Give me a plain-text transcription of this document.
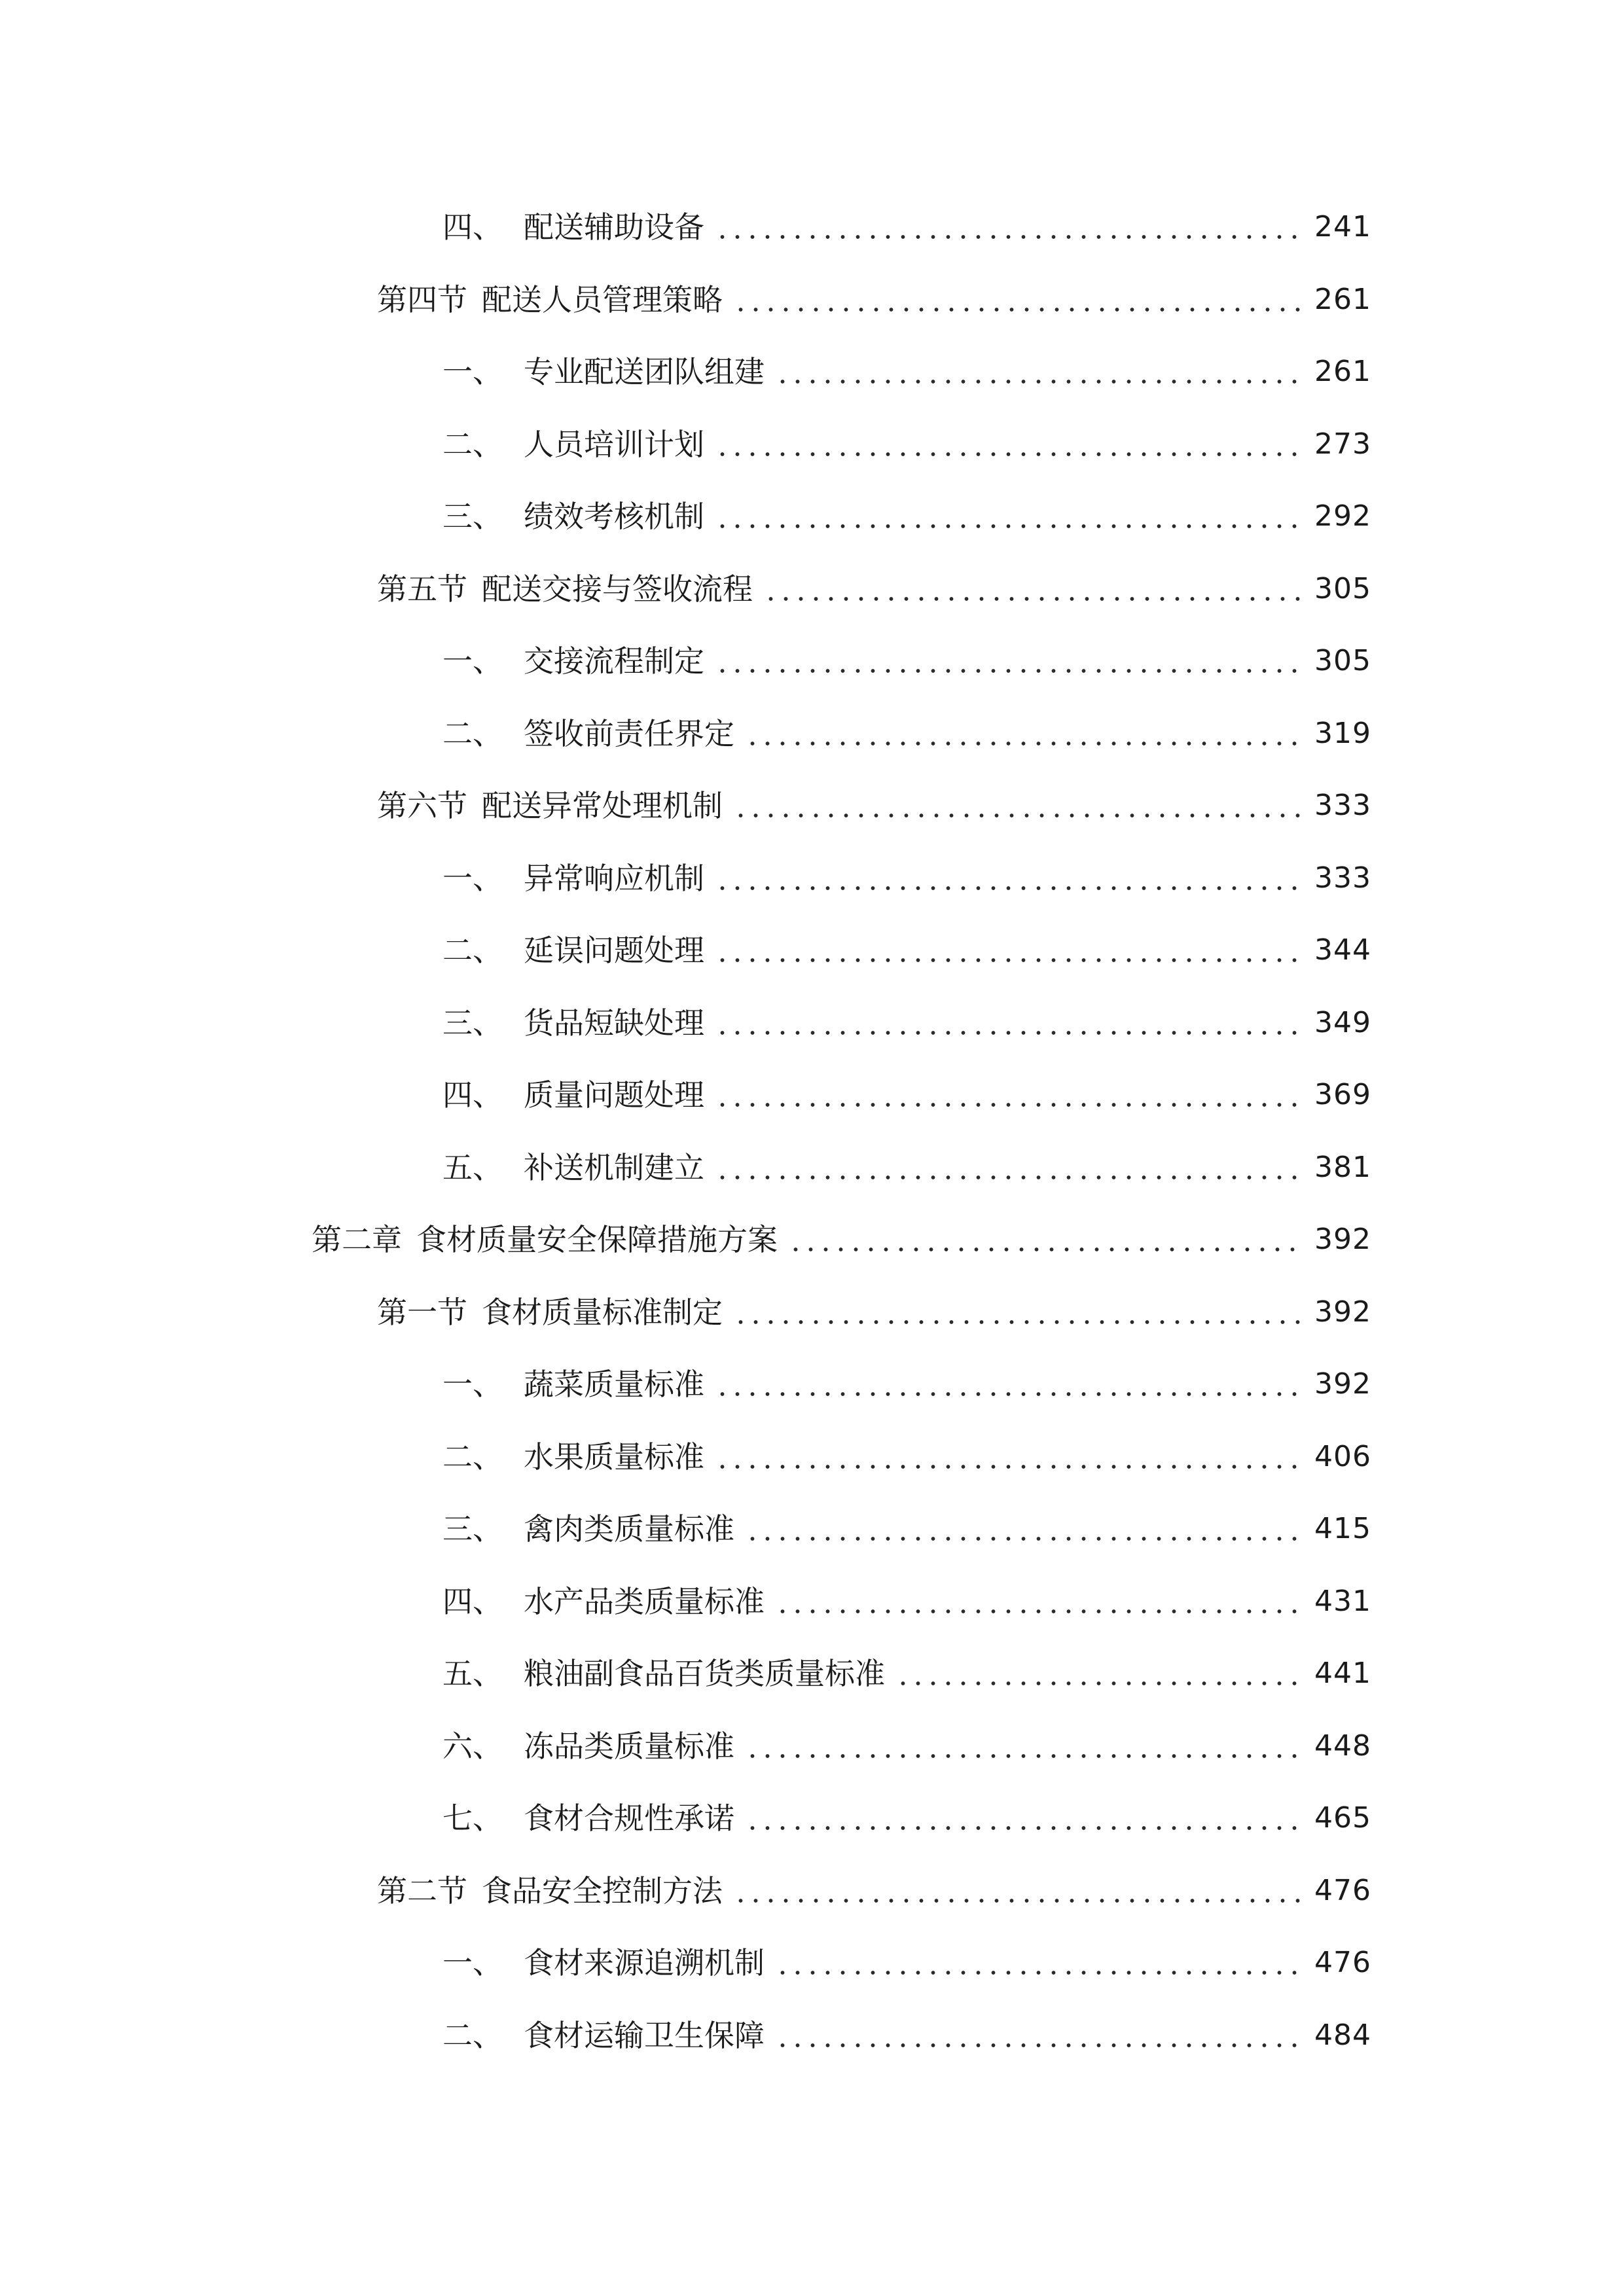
四、 配送辅助设备	241
第四节 配送人员管理策略	261
一、 专业配送团队组建	261
二、 人员培训计划	273
三、 绩效考核机制	292
第五节 配送交接与签收流程	305
一、 交接流程制定	305
二、 签收前责任界定	319
第六节 配送异常处理机制	333
一、 异常响应机制	333
二、 延误问题处理	344
三、 货品短缺处理	349
四、 质量问题处理	369
五、 补送机制建立	381
第二章 食材质量安全保障措施方案	392
第一节 食材质量标准制定	392
一、 蔬菜质量标准	392
二、 水果质量标准	406
三、 禽肉类质量标准	415
四、 水产品类质量标准	431
五、 粮油副食品百货类质量标准	441
六、 冻品类质量标准	448
七、 食材合规性承诺	465
第二节 食品安全控制方法	476
一、 食材来源追溯机制	476
二、 食材运输卫生保障	484
